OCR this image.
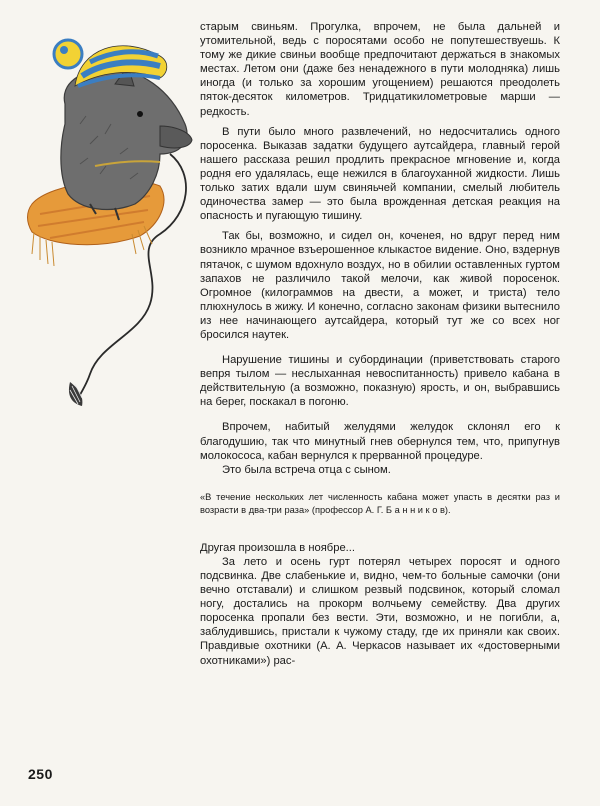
старым свиньям. Прогулка, впрочем, не была дальней и утомительной, ведь с поросятами особо не попутешествуешь. К тому же дикие свиньи вообще предпочитают держаться в знакомых местах. Летом они (даже без ненадежного в пути молодняка) лишь иногда (и только за хорошим угощением) решаются преодолеть пяток-десяток километров. Тридцатикилометровые марши — редкость.

В пути было много развлечений, но недосчитались одного поросенка. Выказав задатки будущего аутсайдера, главный герой нашего рассказа решил продлить прекрасное мгновение и, когда родня его удалялась, еще нежился в благоуханной жидкости. Лишь только затих вдали шум свиняьчей компании, смелый любитель одиночества замер — это была врожденная детская реакция на опасность и пугающую тишину.

Так бы, возможно, и сидел он, коченея, но вдруг перед ним возникло мрачное взъерошенное клыкастое видение. Оно, вздернув пятачок, с шумом вдохнуло воздух, но в обилии оставленных гуртом запахов не различило такой мелочи, как живой поросенок. Огромное (килограммов на двести, а может, и триста) тело плюхнулось в жижу. И конечно, согласно законам физики вытеснило из нее начинающего аутсайдера, который тут же со всех ног бросился наутек.

Нарушение тишины и субординации (приветствовать старого вепря тылом — неслыханная невоспитанность) привело кабана в действительную (а возможно, показную) ярость, и он, выбравшись на берег, поскакал в погоню.

Впрочем, набитый желудями желудок склонял его к благодушию, так что минутный гнев обернулся тем, что, припугнув молокососа, кабан вернулся к прерванной процедуре.

Это была встреча отца с сыном.

«В течение нескольких лет численность кабана может упасть в десятки раз и возрасти в два-три раза» (профессор А. Г. Б а н н и к о в).

Другая произошла в ноябре...

За лето и осень гурт потерял четырех поросят и одного подсвинка. Две слабенькие и, видно, чем-то больные самочки (они вечно отставали) и слишком резвый подсвинок, который сломал ногу, достались на прокорм волчьему семейству. Два других поросенка пропали без вести. Эти, возможно, и не погибли, а, заблудившись, пристали к чужому стаду, где их приняли как своих. Правдивые охотники (А. А. Черкасов называет их «достоверными охотниками») рас-

250
